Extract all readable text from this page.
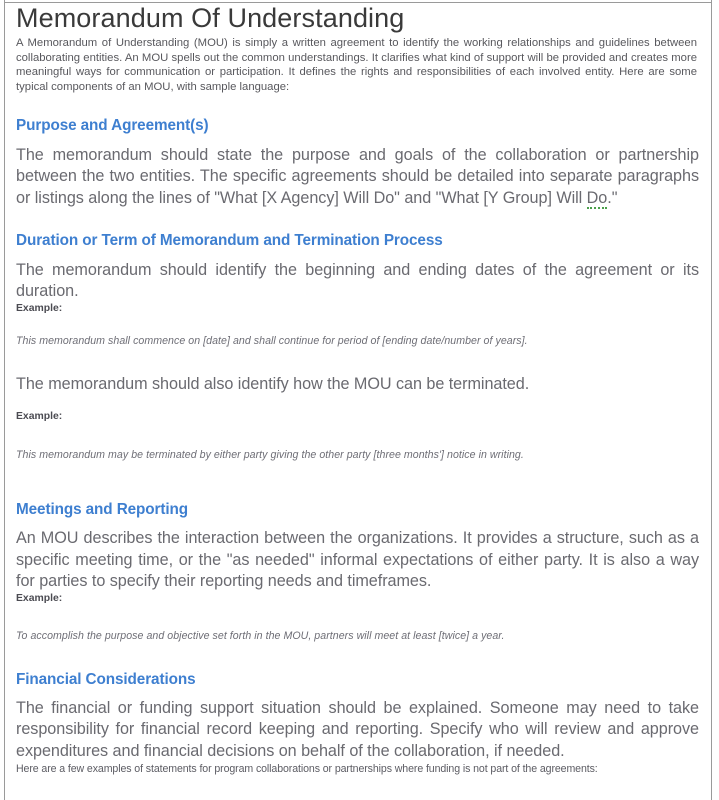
Memorandum Of Understanding

A Memorandum of Understanding (MOU) is simply a written agreement to identify the working relationships and guidelines between collaborating entities. An MOU spells out the common understandings. It clarifies what kind of support will be provided and creates more meaningful ways for communication or participation. It defines the rights and responsibilities of each involved entity. Here are some typical components of an MOU, with sample language:

Purpose and Agreement(s)

The memorandum should state the purpose and goals of the collaboration or partnership between the two entities. The specific agreements should be detailed into separate paragraphs or listings along the lines of "What [X Agency] Will Do" and "What [Y Group] Will Do."

Duration or Term of Memorandum and Termination Process

The memorandum should identify the beginning and ending dates of the agreement or its duration.

Example:

This memorandum shall commence on [date] and shall continue for period of [ending date/number of years].

The memorandum should also identify how the MOU can be terminated.

Example:

This memorandum may be terminated by either party giving the other party [three months'] notice in writing.

Meetings and Reporting

An MOU describes the interaction between the organizations. It provides a structure, such as a specific meeting time, or the "as needed" informal expectations of either party. It is also a way for parties to specify their reporting needs and timeframes.

Example:

To accomplish the purpose and objective set forth in the MOU, partners will meet at least [twice] a year.

Financial Considerations

The financial or funding support situation should be explained. Someone may need to take responsibility for financial record keeping and reporting. Specify who will review and approve expenditures and financial decisions on behalf of the collaboration, if needed.

Here are a few examples of statements for program collaborations or partnerships where funding is not part of the agreements:
